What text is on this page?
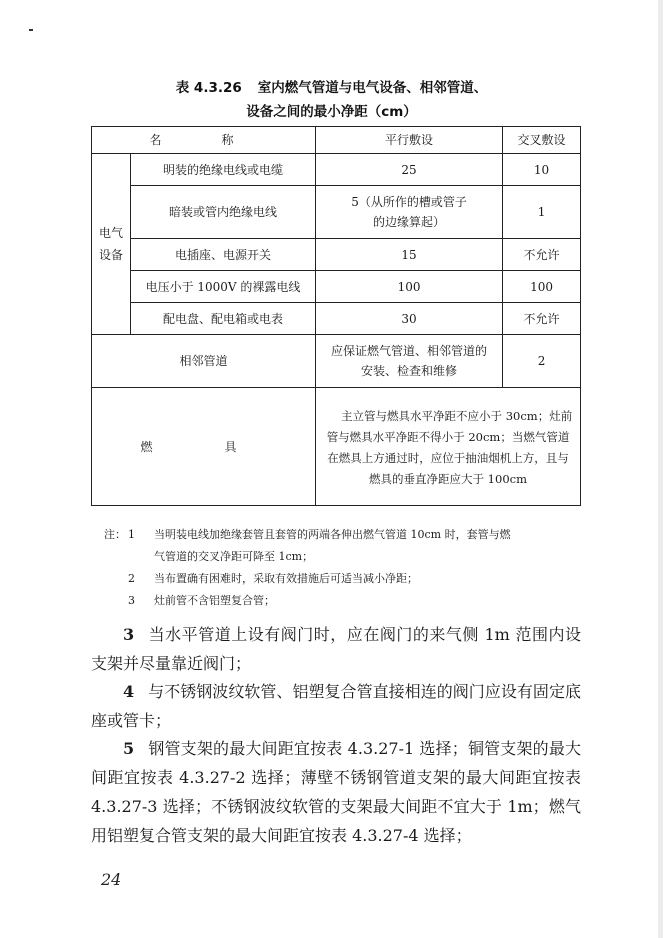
表 4.3.26 室内燃气管道与电气设备、相邻管道、
设备之间的最小净距（cm）
名　称		平行敷设	交叉敷设
电气设备	明装的绝缘电线或电缆	25	10
	暗装或管内绝缘电线	5（从所作的槽或管子
的边缘算起）	1
	电插座、电源开关	15	不允许
	电压小于 1000V 的裸露电线	100	100
	配电盘、配电箱或电表	30	不允许
相邻管道		应保证燃气管道、相邻管道的
安装、检查和维修	2
燃　具		主立管与燃具水平净距不应小于 30cm；灶前管与燃具水平净距不得小于 20cm；当燃气管道在燃具上方通过时，应位于抽油烟机上方，且与燃具的垂直净距应大于 100cm	
注： 1	当明装电线加绝缘套管且套管的两端各伸出燃气管道 10cm 时，套管与燃
气管道的交叉净距可降至 1cm；
2	当布置确有困难时，采取有效措施后可适当减小净距；
3	灶前管不含铝塑复合管；
3 当水平管道上设有阀门时，应在阀门的来气侧 1m 范围内设支架并尽量靠近阀门；
4 与不锈钢波纹软管、铝塑复合管直接相连的阀门应设有固定底座或管卡；
5 钢管支架的最大间距宜按表 4.3.27-1 选择；铜管支架的最大间距宜按表 4.3.27-2 选择；薄壁不锈钢管道支架的最大间距宜按表 4.3.27-3 选择；不锈钢波纹软管的支架最大间距不宜大于 1m；燃气用铝塑复合管支架的最大间距宜按表 4.3.27-4 选择；
24
